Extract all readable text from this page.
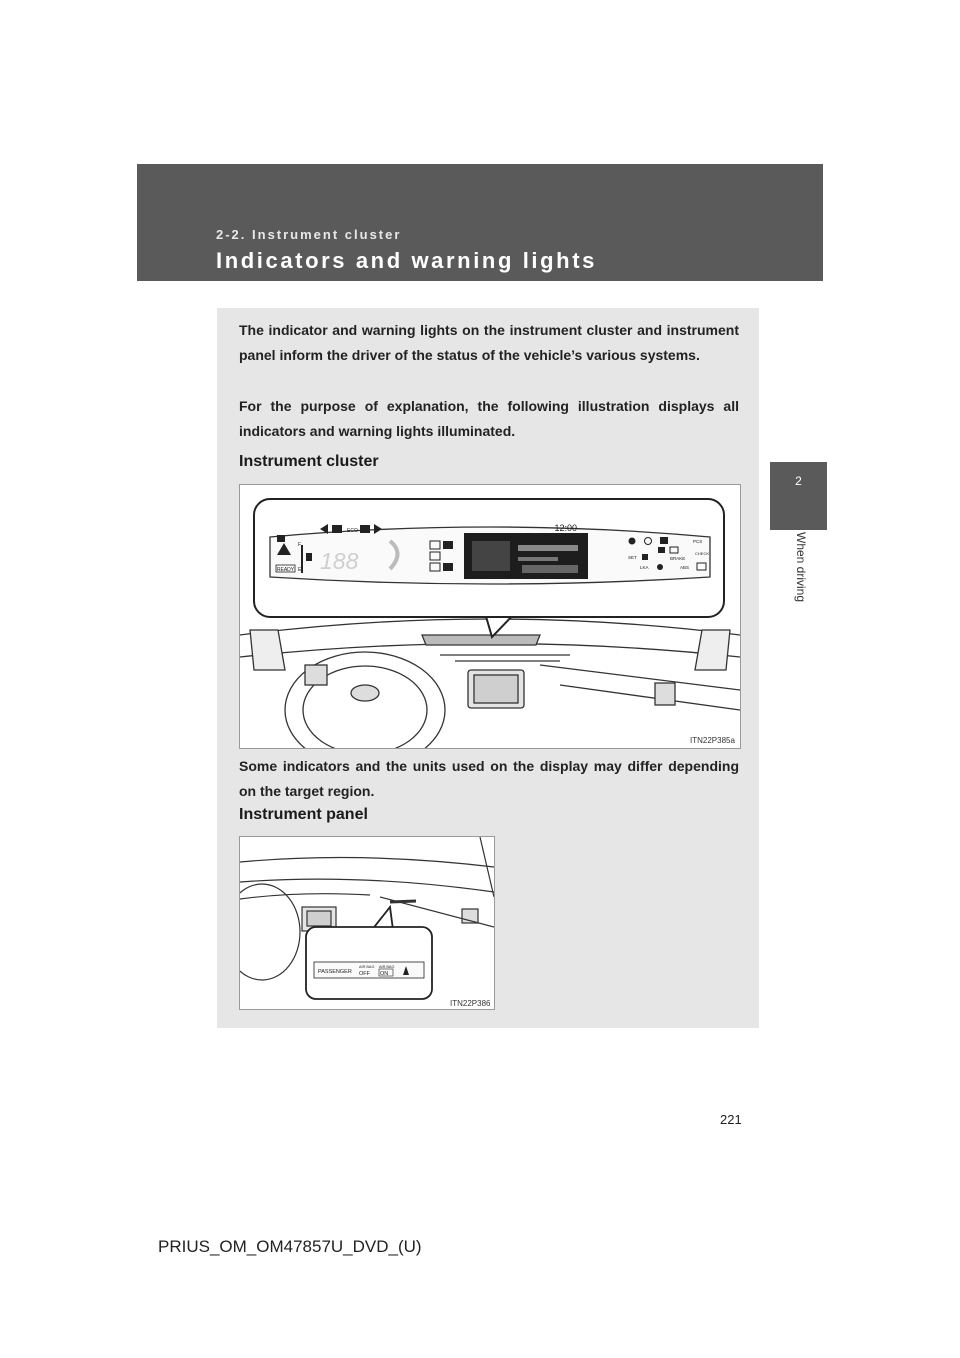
2-2. Instrument cluster
Indicators and warning lights
2
When driving
The indicator and warning lights on the instrument cluster and instrument panel inform the driver of the status of the vehicle’s various systems.
For the purpose of explanation, the following illustration displays all indicators and warning lights illuminated.
Instrument cluster
READY
ECO
F
E 188
12:00
PCS
CHECK
SET	BRAKE
LKA	ABS
ITN22P385a
Some indicators and the units used on the display may differ depending on the target region.
Instrument panel
PASSENGER
AIR BAG
OFF
AIR BAG
ON
ITN22P386
221
PRIUS_OM_OM47857U_DVD_(U)
